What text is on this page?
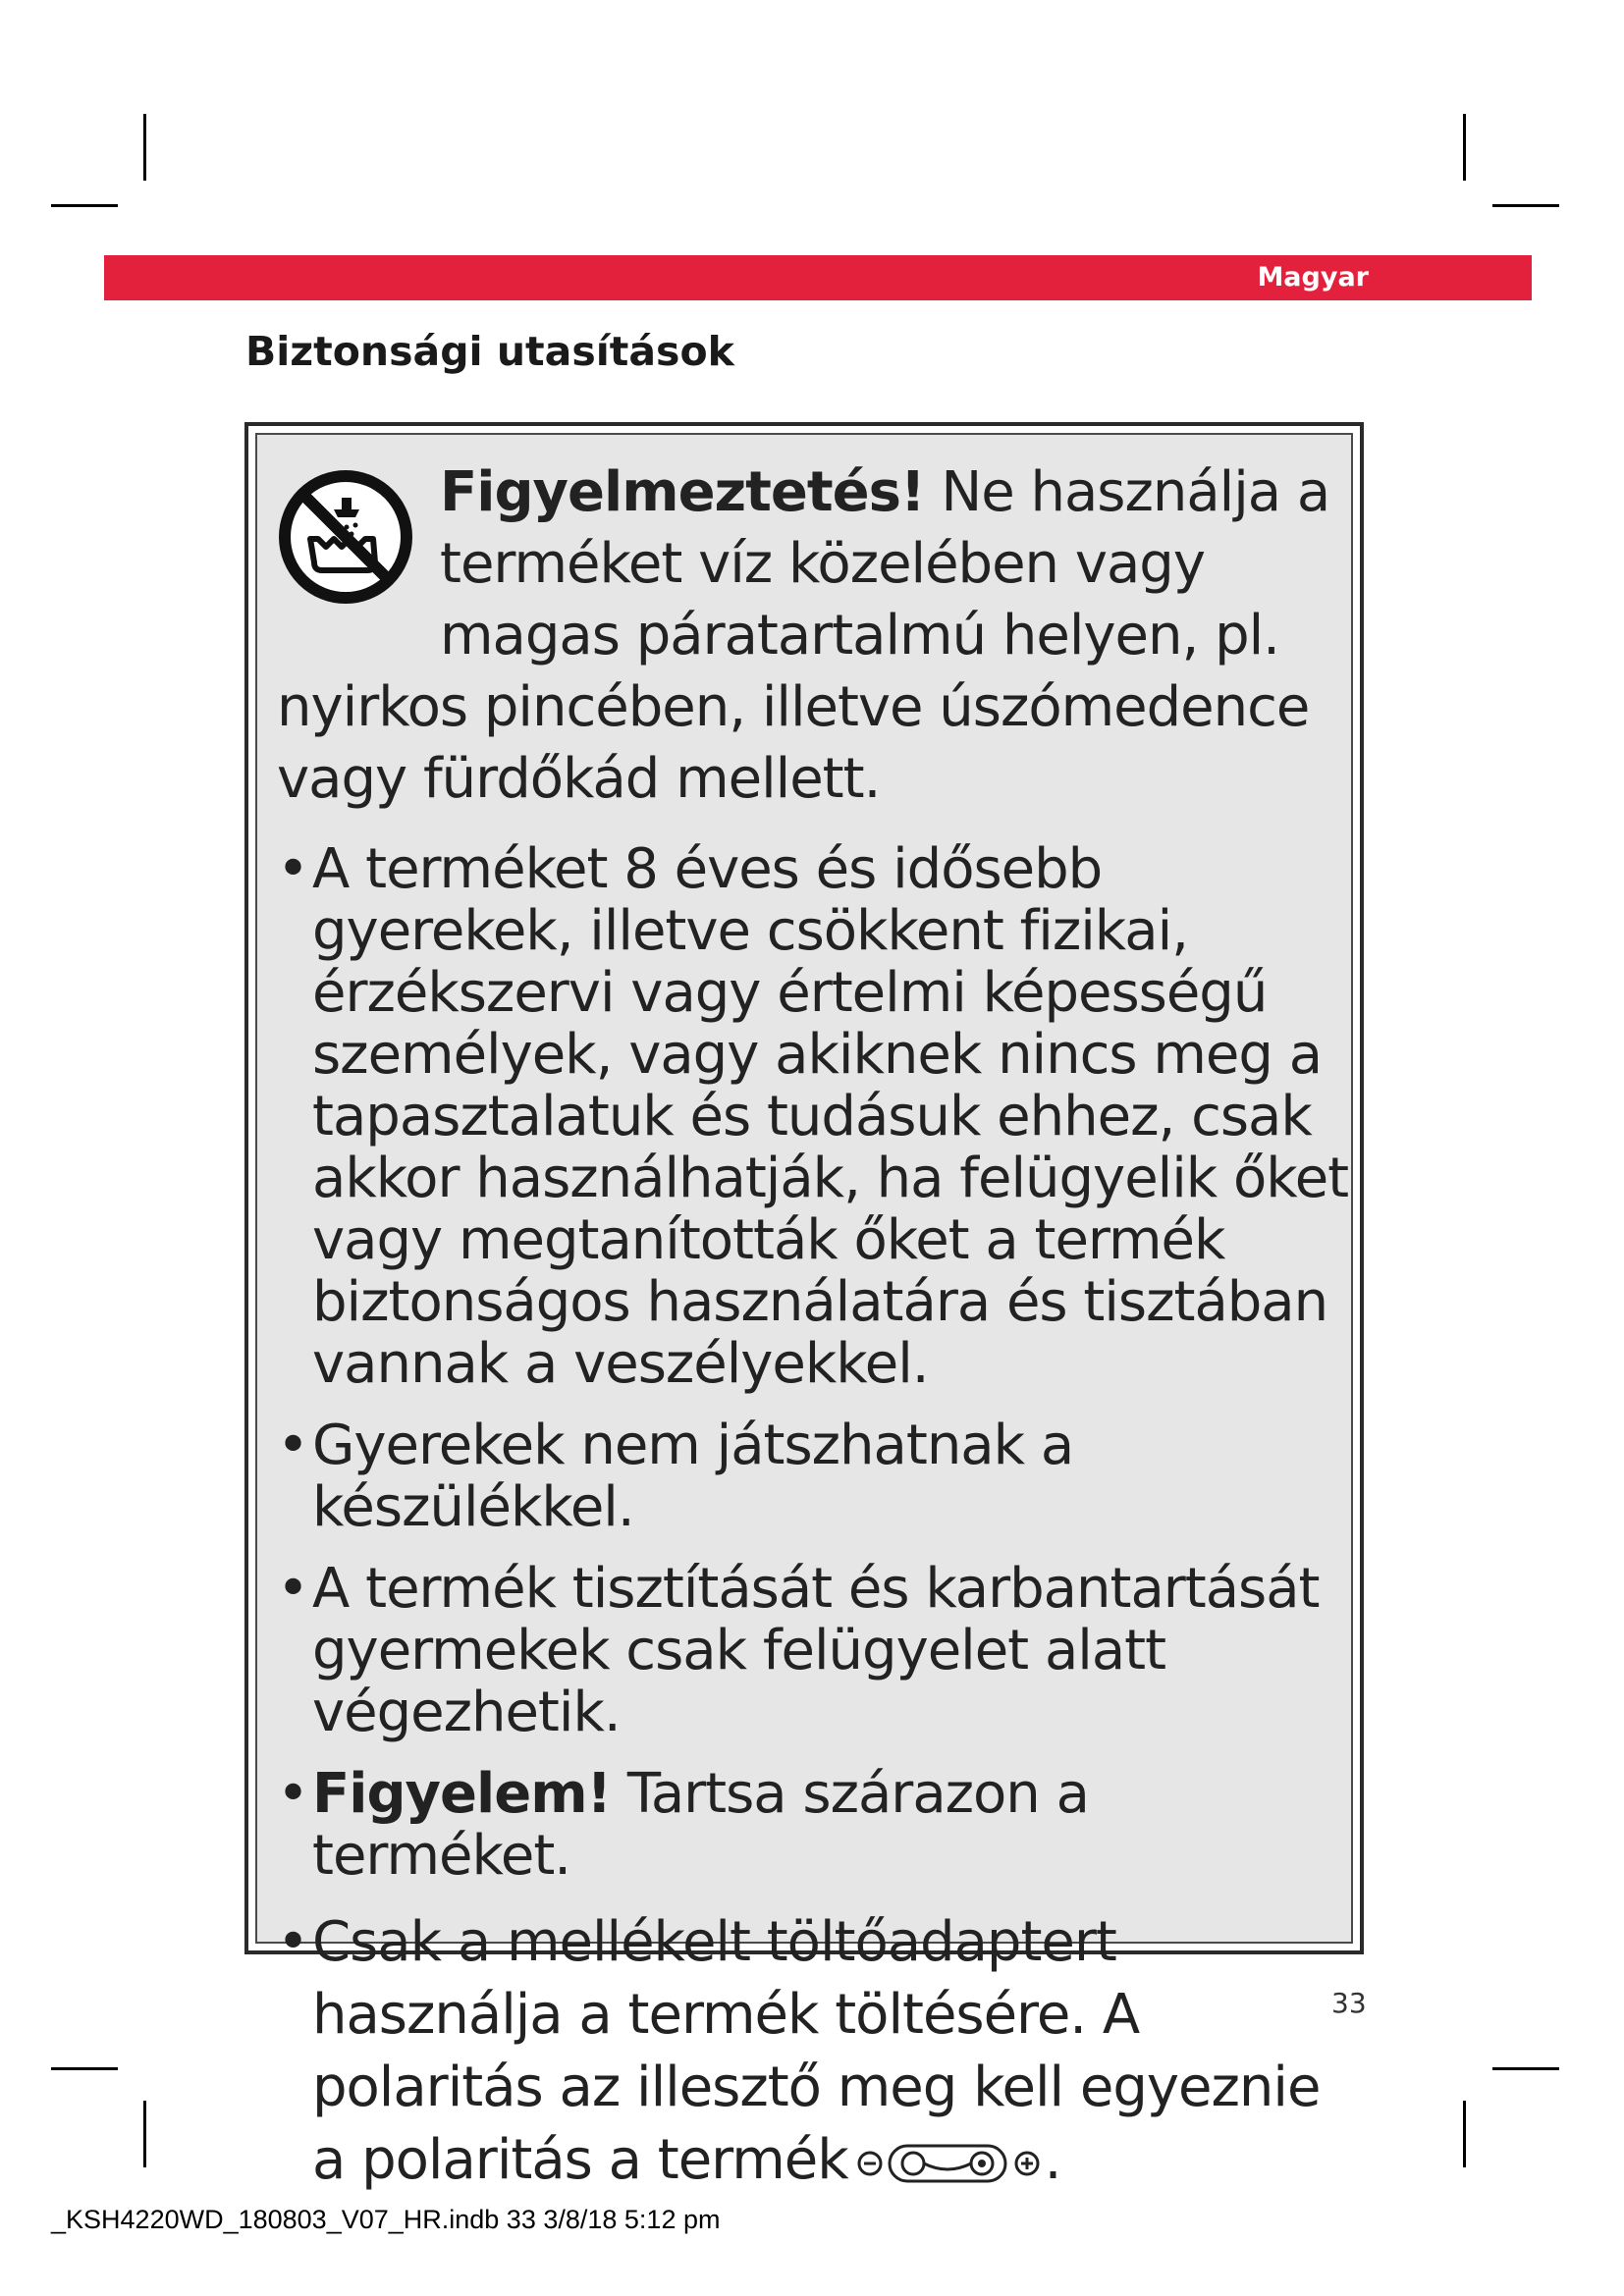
Magyar
Biztonsági utasítások

Figyelmeztetés! Ne használja a terméket víz közelében vagy magas páratartalmú helyen, pl. nyirkos pincében, illetve úszómedence vagy fürdőkád mellett.

• A terméket 8 éves és idősebb gyerekek, illetve csökkent fizikai, érzékszervi vagy értelmi képességű személyek, vagy akiknek nincs meg a tapasztalatuk és tudásuk ehhez, csak akkor használhatják, ha felügyelik őket vagy megtanították őket a termék biztonságos használatára és tisztában vannak a veszélyekkel.
• Gyerekek nem játszhatnak a készülékkel.
• A termék tisztítását és karbantartását gyermekek csak felügyelet alatt végezhetik.
• Figyelem! Tartsa szárazon a terméket.
• Csak a mellékelt töltőadaptert használja a termék töltésére. A polaritás az illesztő meg kell egyeznie a polaritás a termék	.
33
_KSH4220WD_180803_V07_HR.indb 33 3/8/18 5:12 pm
